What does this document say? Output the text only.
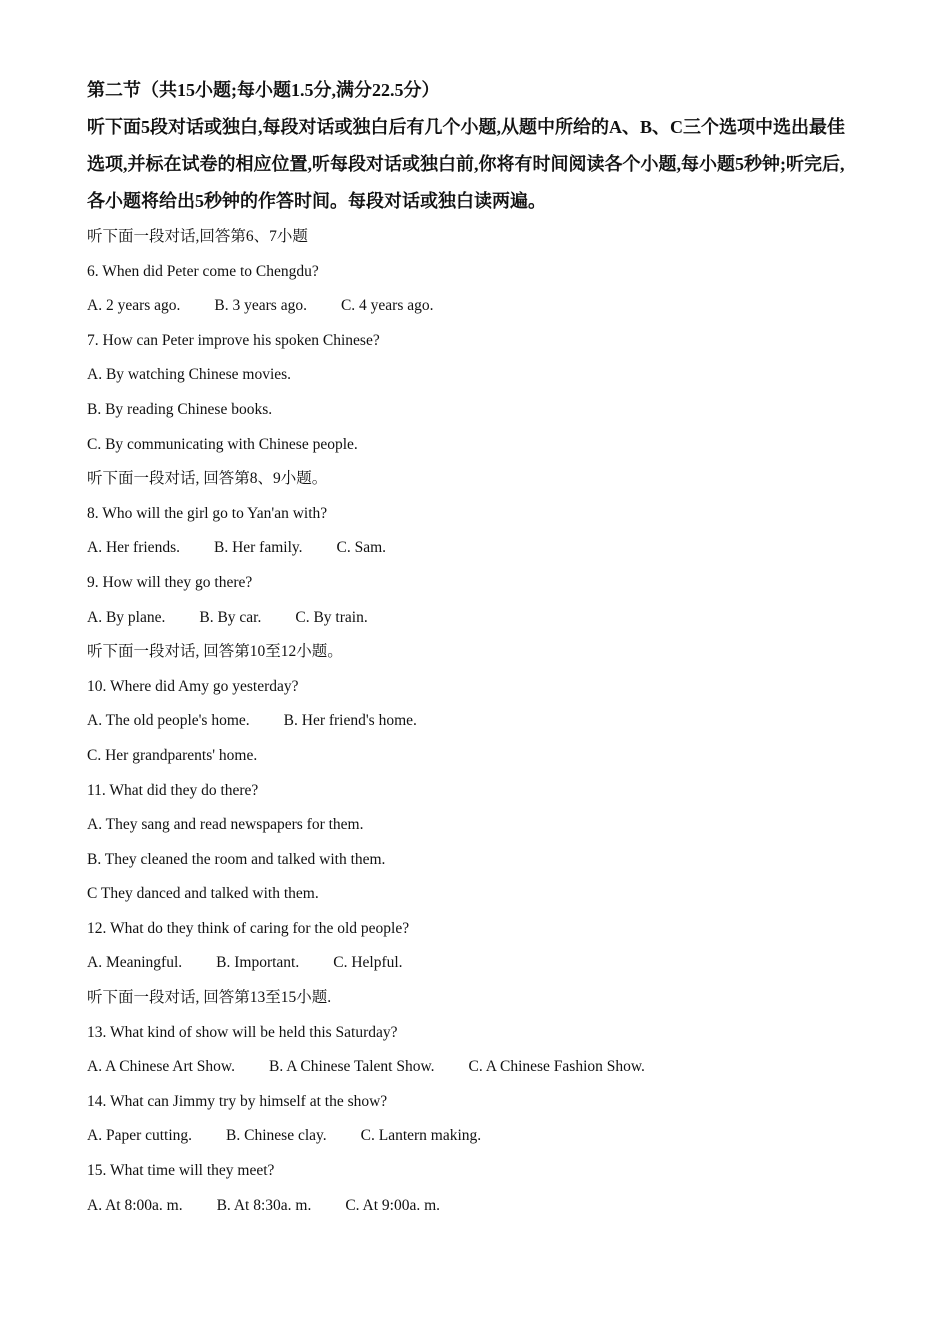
第二节（共15小题;每小题1.5分,满分22.5分）

听下面5段对话或独白,每段对话或独白后有几个小题,从题中所给的A、B、C三个选项中选出最佳选项,并标在试卷的相应位置,听每段对话或独白前,你将有时间阅读各个小题,每小题5秒钟;听完后,各小题将给出5秒钟的作答时间。每段对话或独白读两遍。

听下面一段对话,回答第6、7小题

6. When did Peter come to Chengdu?

A. 2 years ago. B. 3 years ago. C. 4 years ago.

7. How can Peter improve his spoken Chinese?

A. By watching Chinese movies.

B. By reading Chinese books.

C. By communicating with Chinese people.

听下面一段对话, 回答第8、9小题。

8. Who will the girl go to Yan'an with?

A. Her friends. B. Her family. C. Sam.

9. How will they go there?

A. By plane. B. By car. C. By train.

听下面一段对话, 回答第10至12小题。

10. Where did Amy go yesterday?

A. The old people's home. B. Her friend's home.

C. Her grandparents' home.

11. What did they do there?

A. They sang and read newspapers for them.

B. They cleaned the room and talked with them.

C They danced and talked with them.

12. What do they think of caring for the old people?

A. Meaningful. B. Important. C. Helpful.

听下面一段对话, 回答第13至15小题.

13. What kind of show will be held this Saturday?

A. A Chinese Art Show. B. A Chinese Talent Show. C. A Chinese Fashion Show.

14. What can Jimmy try by himself at the show?

A. Paper cutting. B. Chinese clay. C. Lantern making.

15. What time will they meet?

A. At 8:00a. m. B. At 8:30a. m. C. At 9:00a. m.
